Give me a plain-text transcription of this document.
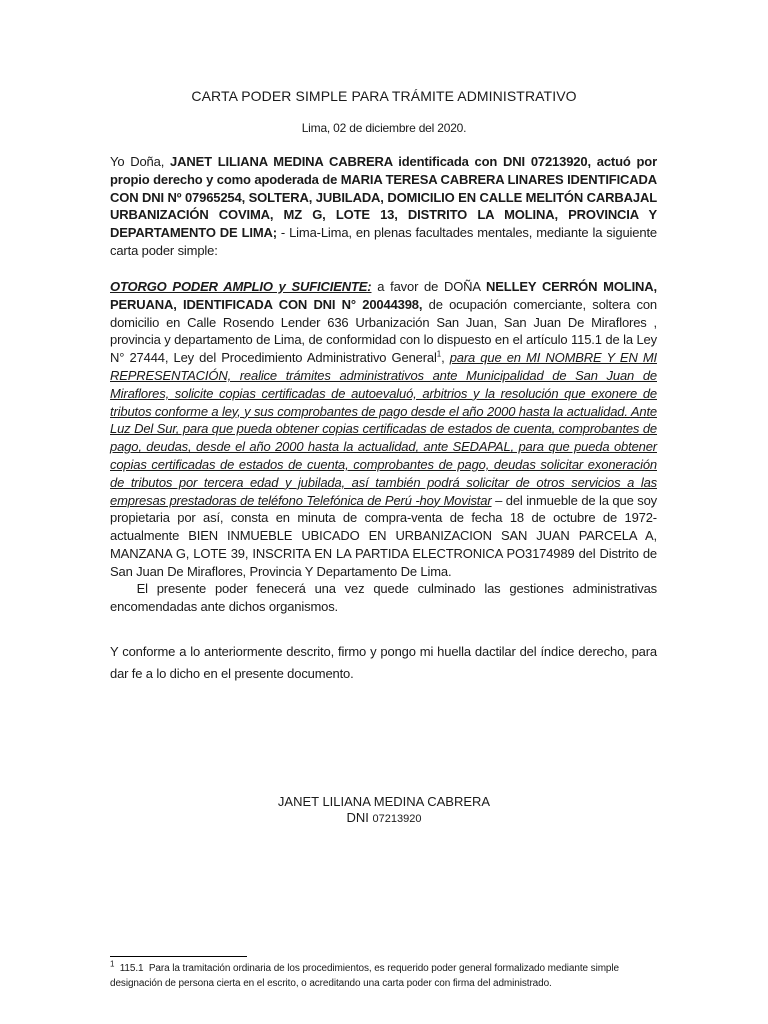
CARTA PODER SIMPLE PARA TRÁMITE ADMINISTRATIVO
Lima, 02 de diciembre del 2020.
Yo Doña, JANET LILIANA MEDINA CABRERA identificada con DNI 07213920, actuó por propio derecho y como apoderada de MARIA TERESA CABRERA LINARES IDENTIFICADA CON DNI Nº 07965254, SOLTERA, JUBILADA, DOMICILIO EN CALLE MELITÓN CARBAJAL URBANIZACIÓN COVIMA, MZ G, LOTE 13, DISTRITO LA MOLINA, PROVINCIA Y DEPARTAMENTO DE LIMA; - Lima-Lima, en plenas facultades mentales, mediante la siguiente carta poder simple:
OTORGO PODER AMPLIO y SUFICIENTE: a favor de DOÑA NELLEY CERRÓN MOLINA, PERUANA, IDENTIFICADA CON DNI N° 20044398, de ocupación comerciante, soltera con domicilio en Calle Rosendo Lender 636 Urbanización San Juan, San Juan De Miraflores , provincia y departamento de Lima, de conformidad con lo dispuesto en el artículo 115.1 de la Ley N° 27444, Ley del Procedimiento Administrativo General$^1$, para que en MI NOMBRE Y EN MI REPRESENTACIÓN, realice trámites administrativos ante Municipalidad de San Juan de Miraflores, solicite copias certificadas de autoevaluó, arbitrios y la resolución que exonere de tributos conforme a ley, y sus comprobantes de pago desde el año 2000 hasta la actualidad. Ante Luz Del Sur, para que pueda obtener copias certificadas de estados de cuenta, comprobantes de pago, deudas, desde el año 2000 hasta la actualidad, ante SEDAPAL, para que pueda obtener copias certificadas de estados de cuenta, comprobantes de pago, deudas solicitar exoneración de tributos por tercera edad y jubilada, así también podrá solicitar de otros servicios a las empresas prestadoras de teléfono Telefónica de Perú -hoy Movistar – del inmueble de la que soy propietaria por así, consta en minuta de compra-venta de fecha 18 de octubre de 1972- actualmente BIEN INMUEBLE UBICADO EN URBANIZACION SAN JUAN PARCELA A, MANZANA G, LOTE 39, INSCRITA EN LA PARTIDA ELECTRONICA PO3174989 del Distrito de San Juan De Miraflores, Provincia Y Departamento De Lima.
El presente poder fenecerá una vez quede culminado las gestiones administrativas encomendadas ante dichos organismos.
Y conforme a lo anteriormente descrito, firmo y pongo mi huella dactilar del índice derecho, para dar fe a lo dicho en el presente documento.
JANET LILIANA MEDINA CABRERA
DNI 07213920
$^1$  115.1  Para la tramitación ordinaria de los procedimientos, es requerido poder general formalizado mediante simple designación de persona cierta en el escrito, o acreditando una carta poder con firma del administrado.
